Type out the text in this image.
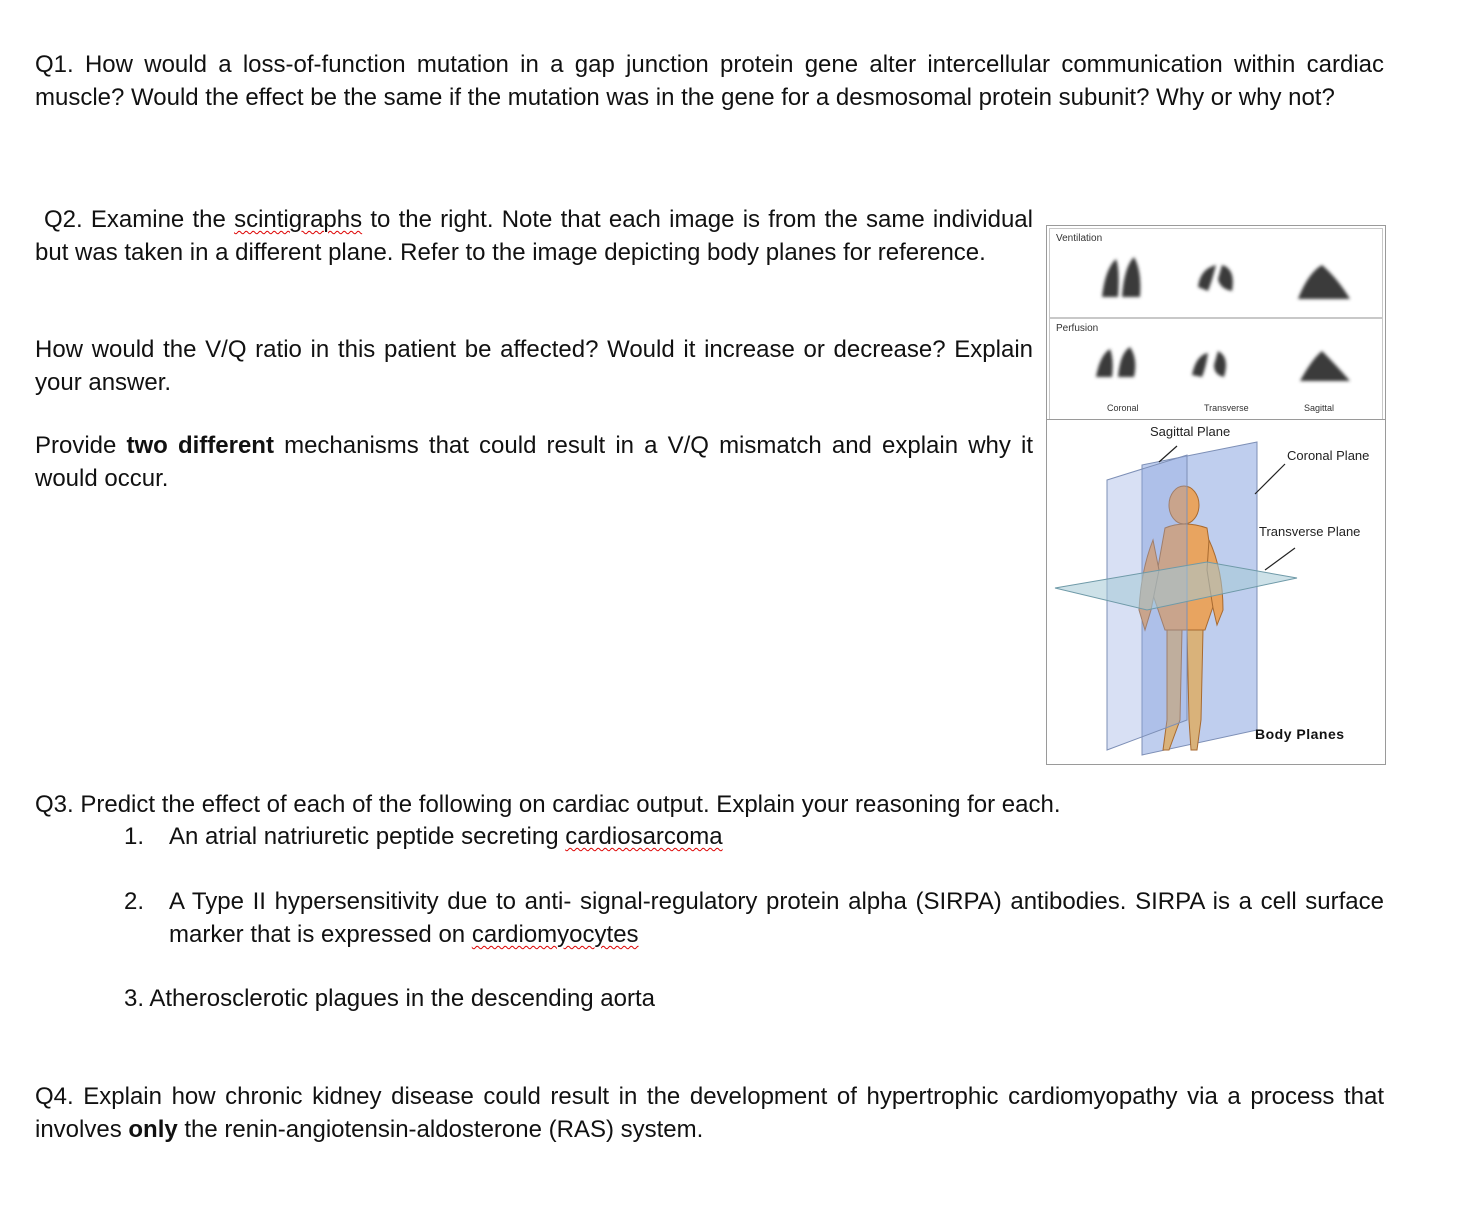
Q1. How would a loss-of-function mutation in a gap junction protein gene alter intercellular communication within cardiac muscle? Would the effect be the same if the mutation was in the gene for a desmosomal protein subunit? Why or why not?
Q2. Examine the scintigraphs to the right. Note that each image is from the same individual but was taken in a different plane. Refer to the image depicting body planes for reference.
How would the V/Q ratio in this patient be affected? Would it increase or decrease? Explain your answer.
Provide two different mechanisms that could result in a V/Q mismatch and explain why it would occur.
Ventilation
Perfusion
Coronal	Transverse	Sagittal
Sagittal Plane
Coronal Plane
Transverse Plane
Body Planes
Q3. Predict the effect of each of the following on cardiac output. Explain your reasoning for each.
1. An atrial natriuretic peptide secreting cardiosarcoma
2.	A Type II hypersensitivity due to anti- signal-regulatory protein alpha (SIRPA) antibodies. SIRPA is a cell surface marker that is expressed on cardiomyocytes
3. Atherosclerotic plagues in the descending aorta
Q4. Explain how chronic kidney disease could result in the development of hypertrophic cardiomyopathy via a process that involves only the renin-angiotensin-aldosterone (RAS) system.
